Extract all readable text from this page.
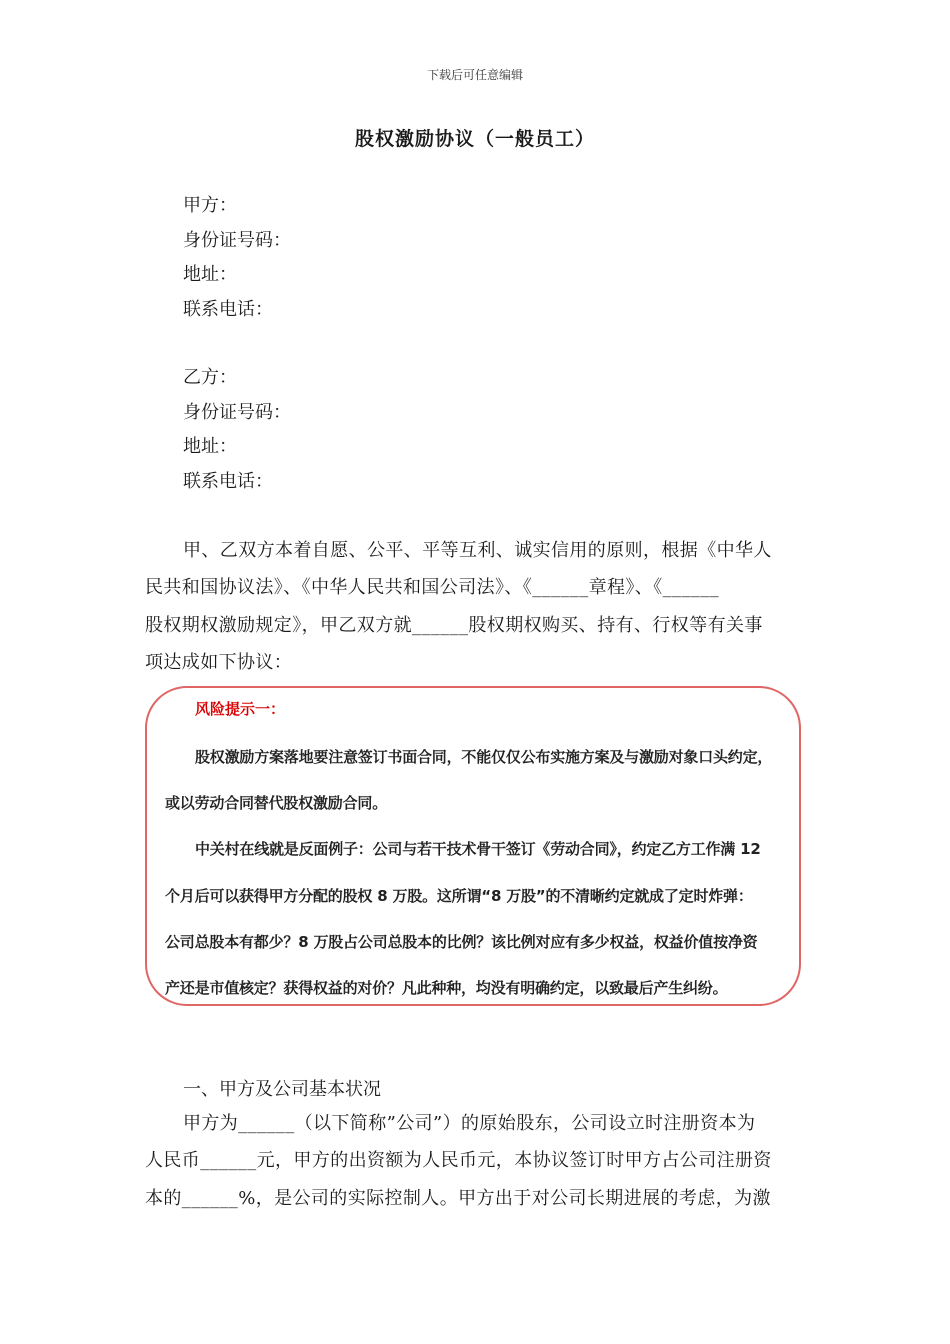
下载后可任意编辑
股权激励协议（一般员工）
甲方：
身份证号码：
地址：
联系电话：
乙方：
身份证号码：
地址：
联系电话：
甲、乙双方本着自愿、公平、平等互利、诚实信用的原则，根据《中华人
民共和国协议法》、《中华人民共和国公司法》、《______章程》、《______
股权期权激励规定》，甲乙双方就______股权期权购买、持有、行权等有关事
项达成如下协议：
风险提示一：
股权激励方案落地要注意签订书面合同，不能仅仅公布实施方案及与激励对象口头约定，
或以劳动合同替代股权激励合同。
中关村在线就是反面例子：公司与若干技术骨干签订《劳动合同》，约定乙方工作满 12
个月后可以获得甲方分配的股权 8 万股。这所谓“8 万股”的不清晰约定就成了定时炸弹：
公司总股本有都少？8 万股占公司总股本的比例？该比例对应有多少权益，权益价值按净资
产还是市值核定？获得权益的对价？凡此种种，均没有明确约定，以致最后产生纠纷。
一、甲方及公司基本状况
甲方为______（以下简称”公司”）的原始股东，公司设立时注册资本为
人民币______元，甲方的出资额为人民币元，本协议签订时甲方占公司注册资
本的______%，是公司的实际控制人。甲方出于对公司长期进展的考虑，为激
